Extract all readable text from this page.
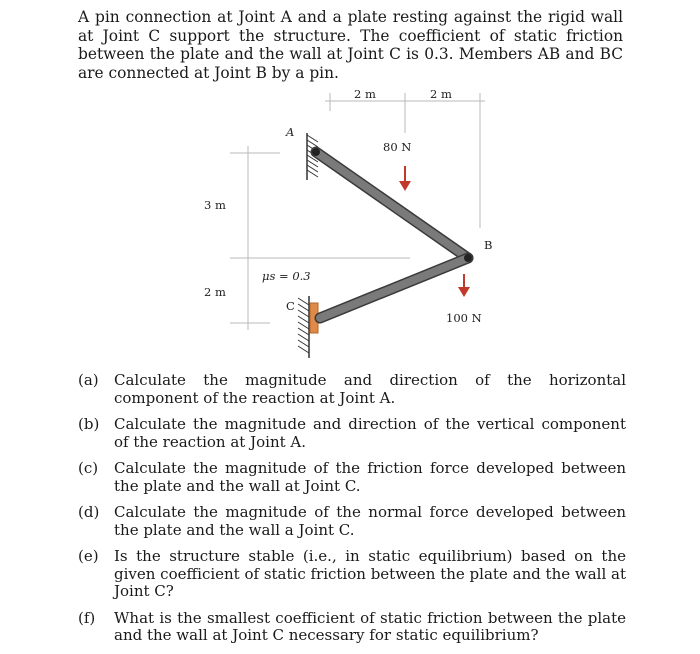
A pin connection at Joint A and a plate resting against the rigid wall at Joint C support the structure. The coefficient of static friction between the plate and the wall at Joint C is 0.3. Members AB and BC are connected at Joint B by a pin.

2 m	2 m
3 m
2 m
A
B
C
80 N
100 N
μs = 0.3
(a)	Calculate the magnitude and direction of the horizontal component of the reaction at Joint A.
(b) Calculate the magnitude and direction of the vertical component of the reaction at Joint A.
(c)	Calculate the magnitude of the friction force developed between the plate and the wall at Joint C.
(d) Calculate the magnitude of the normal force developed between the plate and the wall a Joint C.
(e)	Is the structure stable (i.e., in static equilibrium) based on the given coefficient of static friction between the plate and the wall at Joint C?
(f)	What is the smallest coefficient of static friction between the plate and the wall at Joint C necessary for static equilibrium?
